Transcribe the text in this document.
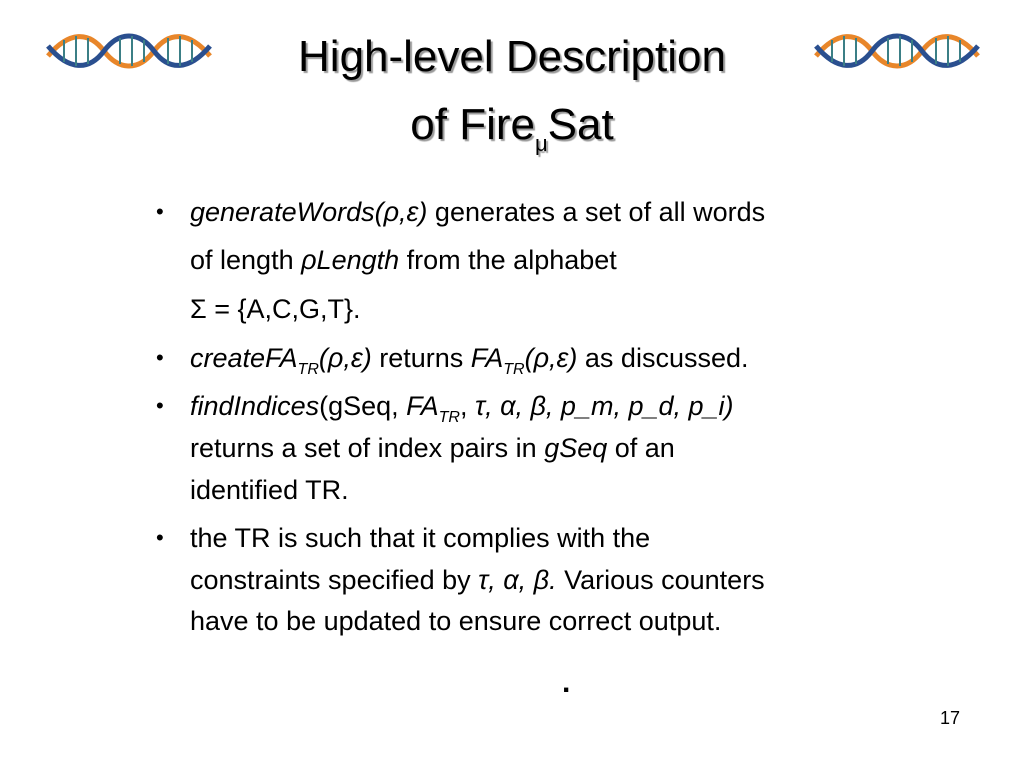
High-level Description
of Fire$_\mu$Sat
• generateWords(ρ,ε) generates a set of all words
of length ρLength from the alphabet
Σ = {A,C,G,T}.
• createFA$_{TR}$(ρ,ε) returns $FA_{TR}(\rho,\varepsilon)$ as discussed.
• findIndices(gSeq, $FA_{TR}$, τ, α, β, p_m, p_d, p_i)
returns a set of index pairs in gSeq of an
identified TR.
• the TR is such that it complies with the
constraints specified by τ, α, β. Various counters
have to be updated to ensure correct output.
.
17
